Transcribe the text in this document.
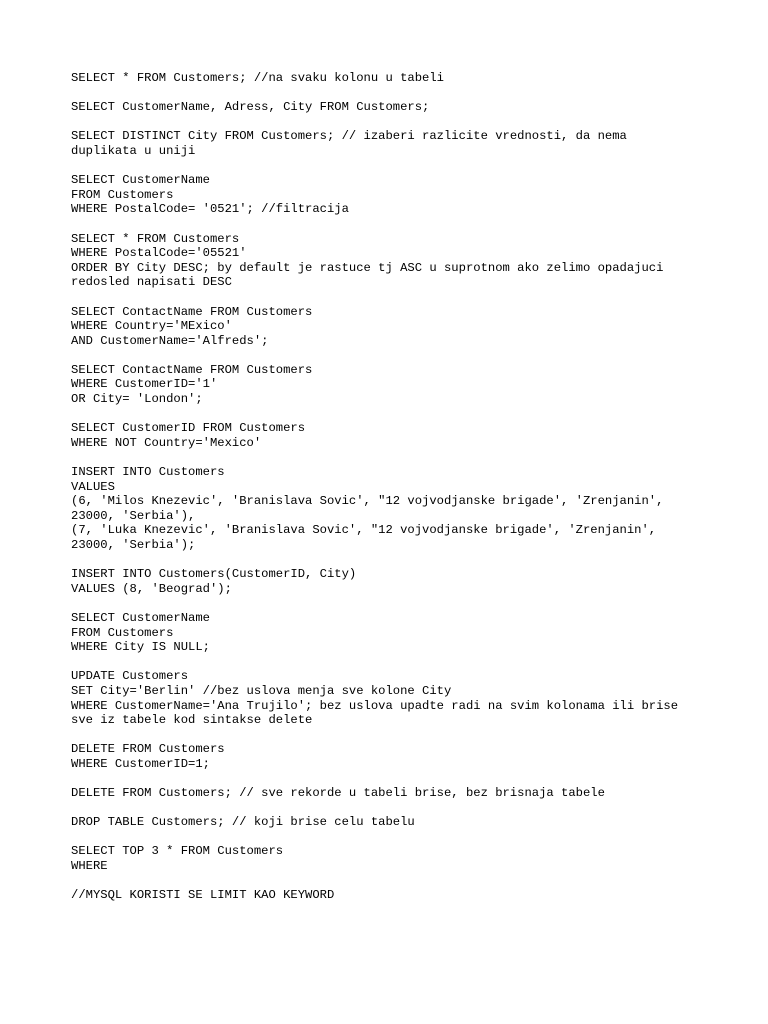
SELECT * FROM Customers; //na svaku kolonu u tabeli
SELECT CustomerName, Adress, City FROM Customers;
SELECT DISTINCT City FROM Customers; // izaberi razlicite vrednosti, da nema
duplikata u uniji
SELECT CustomerName
FROM Customers
WHERE PostalCode= '0521'; //filtracija
SELECT * FROM Customers
WHERE PostalCode='05521'
ORDER BY City DESC; by default je rastuce tj ASC u suprotnom ako zelimo opadajuci
redosled napisati DESC
SELECT ContactName FROM Customers
WHERE Country='MExico'
AND CustomerName='Alfreds';
SELECT ContactName FROM Customers
WHERE CustomerID='1'
OR City= 'London';
SELECT CustomerID FROM Customers
WHERE NOT Country='Mexico'
INSERT INTO Customers
VALUES
(6, 'Milos Knezevic', 'Branislava Sovic', "12 vojvodjanske brigade', 'Zrenjanin',
23000, 'Serbia'),
(7, 'Luka Knezevic', 'Branislava Sovic', "12 vojvodjanske brigade', 'Zrenjanin',
23000, 'Serbia');
INSERT INTO Customers(CustomerID, City)
VALUES (8, 'Beograd');
SELECT CustomerName
FROM Customers
WHERE City IS NULL;
UPDATE Customers
SET City='Berlin' //bez uslova menja sve kolone City
WHERE CustomerName='Ana Trujilo'; bez uslova upadte radi na svim kolonama ili brise
sve iz tabele kod sintakse delete
DELETE FROM Customers
WHERE CustomerID=1;
DELETE FROM Customers; // sve rekorde u tabeli brise, bez brisnaja tabele
DROP TABLE Customers; // koji brise celu tabelu
SELECT TOP 3 * FROM Customers
WHERE
//MYSQL KORISTI SE LIMIT KAO KEYWORD
